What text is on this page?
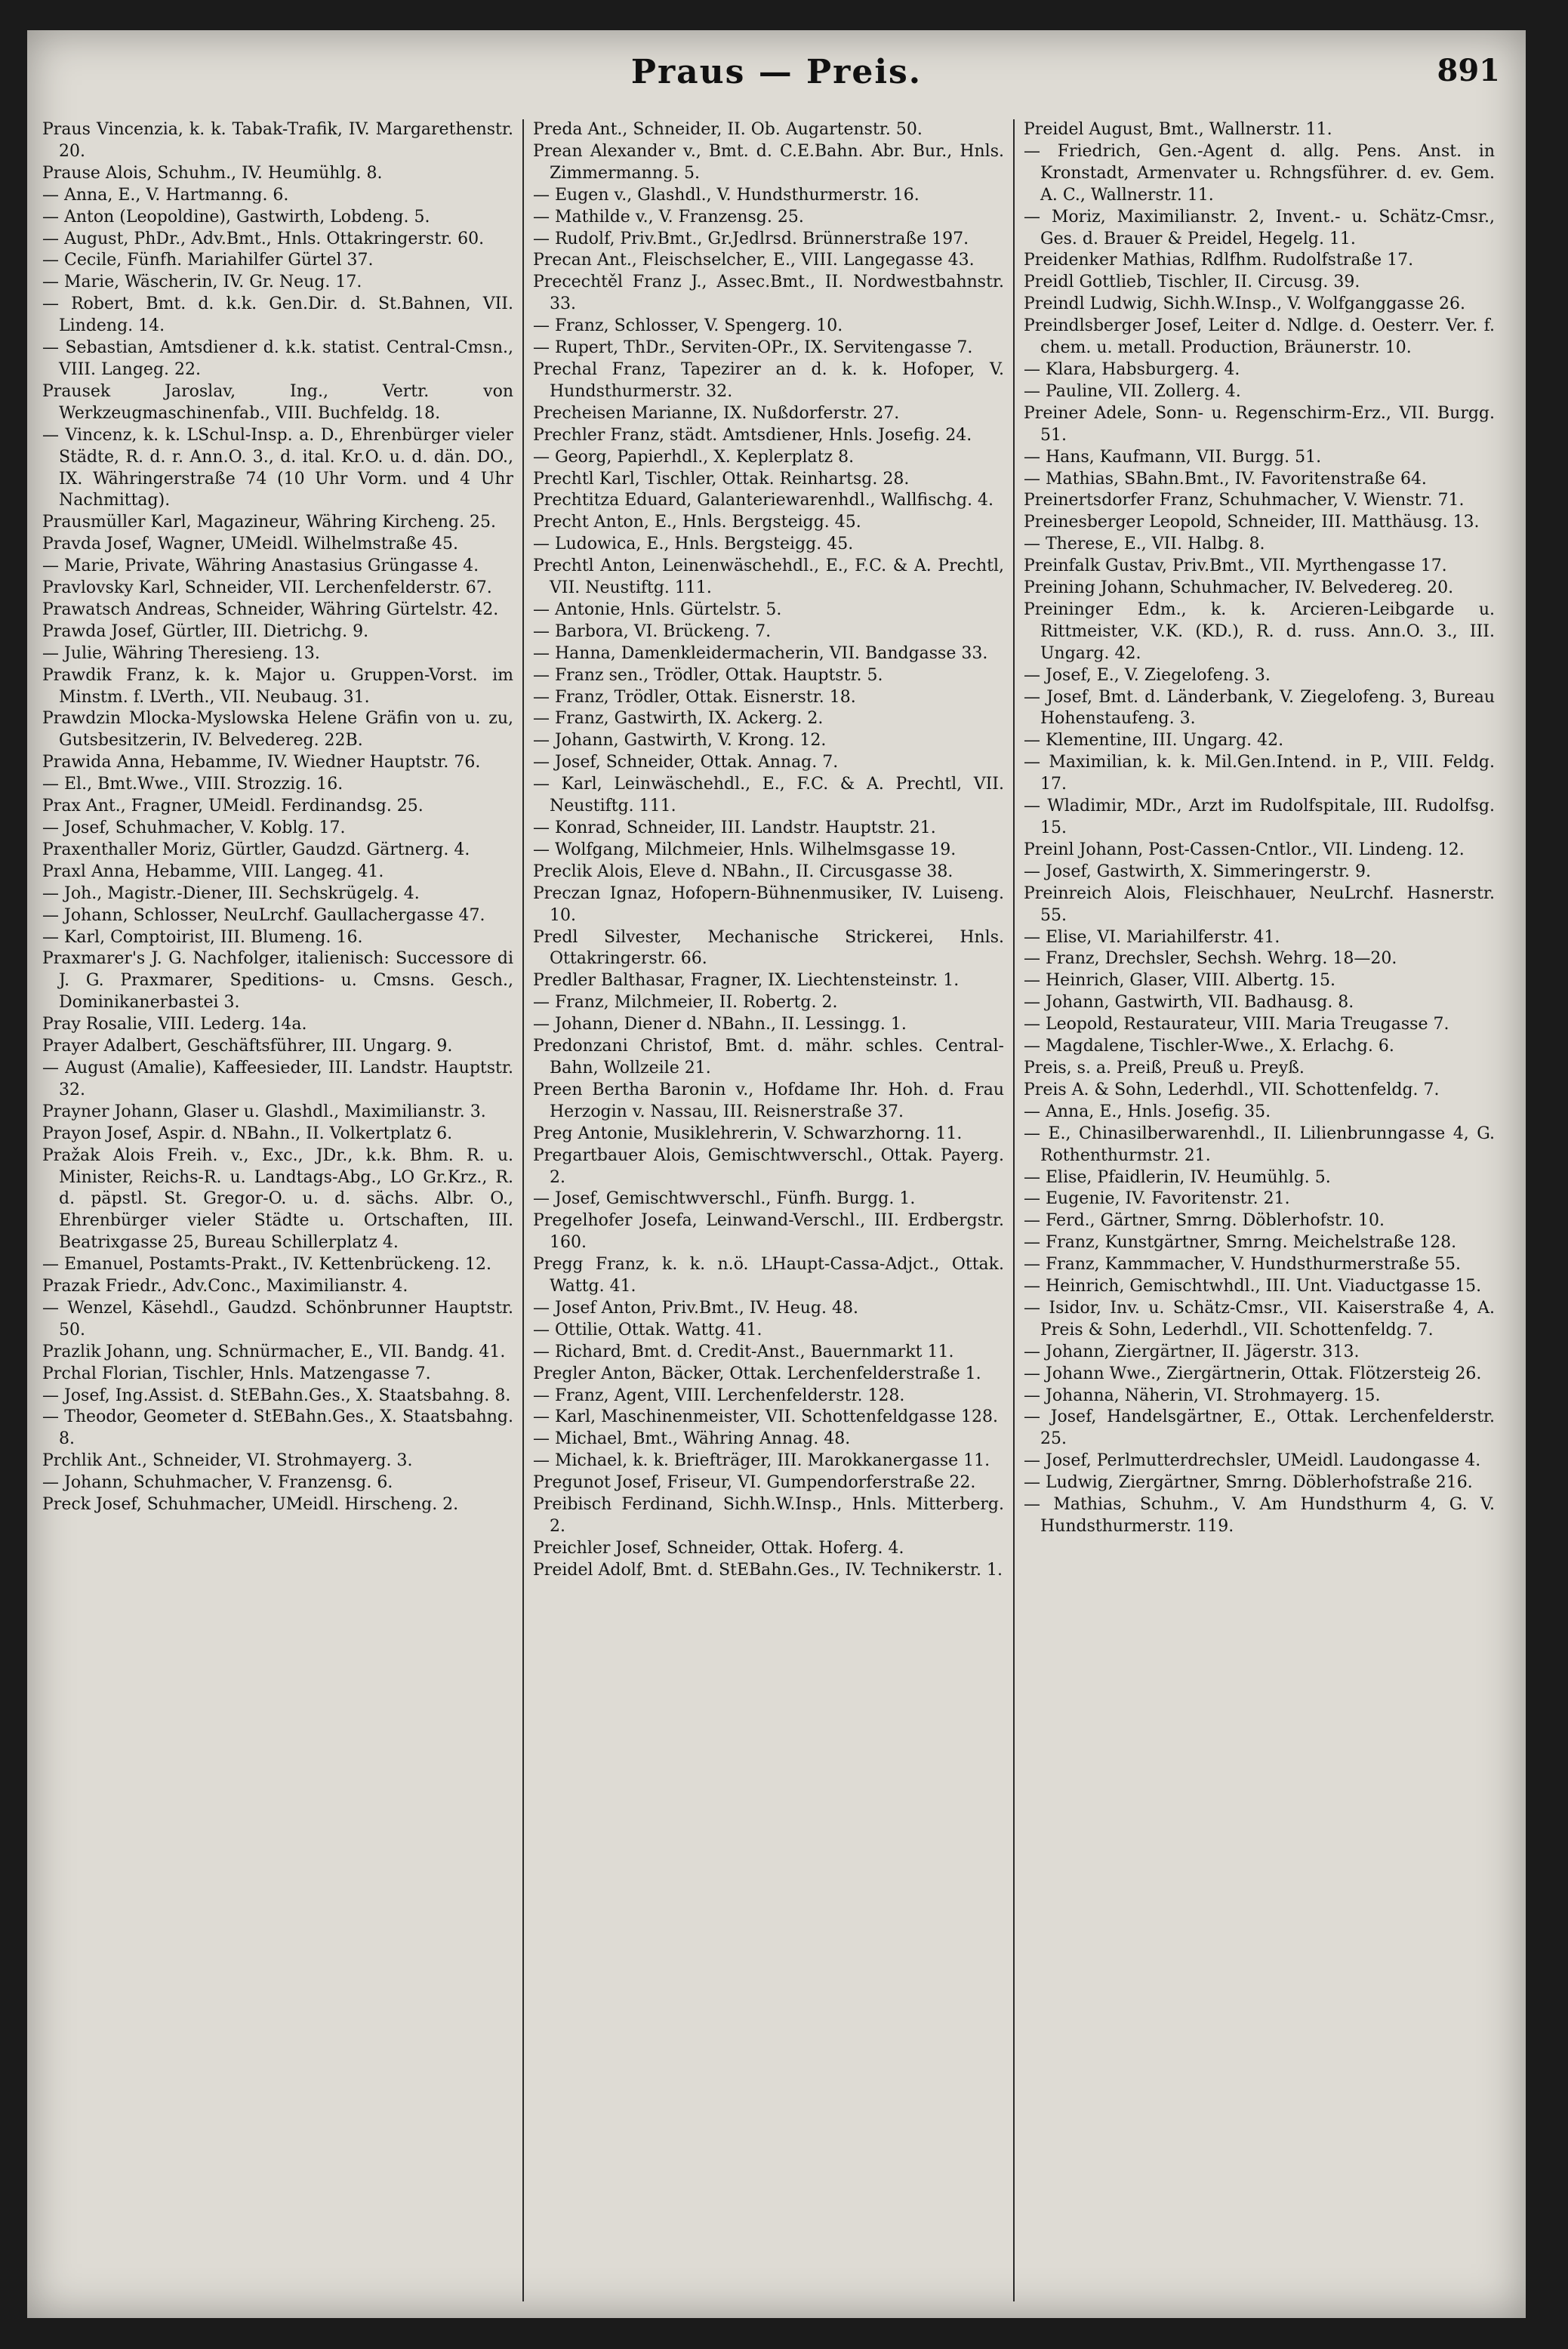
Praus — Preis.	891

Praus Vincenzia, k. k. Tabak-Trafik, IV. Margarethenstr. 20.

Prause Alois, Schuhm., IV. Heumühlg. 8.

— Anna, E., V. Hartmanng. 6.

— Anton (Leopoldine), Gastwirth, Lobdeng. 5.

— August, PhDr., Adv.Bmt., Hnls. Ottakringerstr. 60.

— Cecile, Fünfh. Mariahilfer Gürtel 37.

— Marie, Wäscherin, IV. Gr. Neug. 17.

— Robert, Bmt. d. k.k. Gen.Dir. d. St.Bahnen, VII. Lindeng. 14.

— Sebastian, Amtsdiener d. k.k. statist. Central-Cmsn., VIII. Langeg. 22.

Prausek Jaroslav, Ing., Vertr. von Werkzeugmaschinenfab., VIII. Buchfeldg. 18.

— Vincenz, k. k. LSchul-Insp. a. D., Ehrenbürger vieler Städte, R. d. r. Ann.O. 3., d. ital. Kr.O. u. d. dän. DO., IX. Währingerstraße 74 (10 Uhr Vorm. und 4 Uhr Nachmittag).

Prausmüller Karl, Magazineur, Währing Kircheng. 25.

Pravda Josef, Wagner, UMeidl. Wilhelmstraße 45.

— Marie, Private, Währing Anastasius Grüngasse 4.

Pravlovsky Karl, Schneider, VII. Lerchenfelderstr. 67.

Prawatsch Andreas, Schneider, Währing Gürtelstr. 42.

Prawda Josef, Gürtler, III. Dietrichg. 9.

— Julie, Währing Theresieng. 13.

Prawdik Franz, k. k. Major u. Gruppen-Vorst. im Minstm. f. LVerth., VII. Neubaug. 31.

Prawdzin Mlocka-Myslowska Helene Gräfin von u. zu, Gutsbesitzerin, IV. Belvedereg. 22B.

Prawida Anna, Hebamme, IV. Wiedner Hauptstr. 76.

— El., Bmt.Wwe., VIII. Strozzig. 16.

Prax Ant., Fragner, UMeidl. Ferdinandsg. 25.

— Josef, Schuhmacher, V. Koblg. 17.

Praxenthaller Moriz, Gürtler, Gaudzd. Gärtnerg. 4.

Praxl Anna, Hebamme, VIII. Langeg. 41.

— Joh., Magistr.-Diener, III. Sechskrügelg. 4.

— Johann, Schlosser, NeuLrchf. Gaullachergasse 47.

— Karl, Comptoirist, III. Blumeng. 16.

Praxmarer's J. G. Nachfolger, italienisch: Successore di J. G. Praxmarer, Speditions- u. Cmsns. Gesch., Dominikanerbastei 3.

Pray Rosalie, VIII. Lederg. 14a.

Prayer Adalbert, Geschäftsführer, III. Ungarg. 9.

— August (Amalie), Kaffeesieder, III. Landstr. Hauptstr. 32.

Prayner Johann, Glaser u. Glashdl., Maximilianstr. 3.

Prayon Josef, Aspir. d. NBahn., II. Volkertplatz 6.

Pražak Alois Freih. v., Exc., JDr., k.k. Bhm. R. u. Minister, Reichs-R. u. Landtags-Abg., LO Gr.Krz., R. d. päpstl. St. Gregor-O. u. d. sächs. Albr. O., Ehrenbürger vieler Städte u. Ortschaften, III. Beatrixgasse 25, Bureau Schillerplatz 4.

— Emanuel, Postamts-Prakt., IV. Kettenbrückeng. 12.

Prazak Friedr., Adv.Conc., Maximilianstr. 4.

— Wenzel, Käsehdl., Gaudzd. Schönbrunner Hauptstr. 50.

Prazlik Johann, ung. Schnürmacher, E., VII. Bandg. 41.

Prchal Florian, Tischler, Hnls. Matzengasse 7.

— Josef, Ing.Assist. d. StEBahn.Ges., X. Staatsbahng. 8.

— Theodor, Geometer d. StEBahn.Ges., X. Staatsbahng. 8.

Prchlik Ant., Schneider, VI. Strohmayerg. 3.

— Johann, Schuhmacher, V. Franzensg. 6.

Preck Josef, Schuhmacher, UMeidl. Hirscheng. 2.

Preda Ant., Schneider, II. Ob. Augartenstr. 50.

Prean Alexander v., Bmt. d. C.E.Bahn. Abr. Bur., Hnls. Zimmermanng. 5.

— Eugen v., Glashdl., V. Hundsthurmerstr. 16.

— Mathilde v., V. Franzensg. 25.

— Rudolf, Priv.Bmt., Gr.Jedlrsd. Brünnerstraße 197.

Precan Ant., Fleischselcher, E., VIII. Langegasse 43.

Precechtěl Franz J., Assec.Bmt., II. Nordwestbahnstr. 33.

— Franz, Schlosser, V. Spengerg. 10.

— Rupert, ThDr., Serviten-OPr., IX. Servitengasse 7.

Prechal Franz, Tapezirer an d. k. k. Hofoper, V. Hundsthurmerstr. 32.

Precheisen Marianne, IX. Nußdorferstr. 27.

Prechler Franz, städt. Amtsdiener, Hnls. Josefig. 24.

— Georg, Papierhdl., X. Keplerplatz 8.

Prechtl Karl, Tischler, Ottak. Reinhartsg. 28.

Prechtitza Eduard, Galanteriewarenhdl., Wallfischg. 4.

Precht Anton, E., Hnls. Bergsteigg. 45.

— Ludowica, E., Hnls. Bergsteigg. 45.

Prechtl Anton, Leinenwäschehdl., E., F.C. & A. Prechtl, VII. Neustiftg. 111.

— Antonie, Hnls. Gürtelstr. 5.

— Barbora, VI. Brückeng. 7.

— Hanna, Damenkleidermacherin, VII. Bandgasse 33.

— Franz sen., Trödler, Ottak. Hauptstr. 5.

— Franz, Trödler, Ottak. Eisnerstr. 18.

— Franz, Gastwirth, IX. Ackerg. 2.

— Johann, Gastwirth, V. Krong. 12.

— Josef, Schneider, Ottak. Annag. 7.

— Karl, Leinwäschehdl., E., F.C. & A. Prechtl, VII. Neustiftg. 111.

— Konrad, Schneider, III. Landstr. Hauptstr. 21.

— Wolfgang, Milchmeier, Hnls. Wilhelmsgasse 19.

Preclik Alois, Eleve d. NBahn., II. Circusgasse 38.

Preczan Ignaz, Hofopern-Bühnenmusiker, IV. Luiseng. 10.

Predl Silvester, Mechanische Strickerei, Hnls. Ottakringerstr. 66.

Predler Balthasar, Fragner, IX. Liechtensteinstr. 1.

— Franz, Milchmeier, II. Robertg. 2.

— Johann, Diener d. NBahn., II. Lessingg. 1.

Predonzani Christof, Bmt. d. mähr. schles. Central-Bahn, Wollzeile 21.

Preen Bertha Baronin v., Hofdame Ihr. Hoh. d. Frau Herzogin v. Nassau, III. Reisnerstraße 37.

Preg Antonie, Musiklehrerin, V. Schwarzhorng. 11.

Pregartbauer Alois, Gemischtwverschl., Ottak. Payerg. 2.

— Josef, Gemischtwverschl., Fünfh. Burgg. 1.

Pregelhofer Josefa, Leinwand-Verschl., III. Erdbergstr. 160.

Pregg Franz, k. k. n.ö. LHaupt-Cassa-Adjct., Ottak. Wattg. 41.

— Josef Anton, Priv.Bmt., IV. Heug. 48.

— Ottilie, Ottak. Wattg. 41.

— Richard, Bmt. d. Credit-Anst., Bauernmarkt 11.

Pregler Anton, Bäcker, Ottak. Lerchenfelderstraße 1.

— Franz, Agent, VIII. Lerchenfelderstr. 128.

— Karl, Maschinenmeister, VII. Schottenfeldgasse 128.

— Michael, Bmt., Währing Annag. 48.

— Michael, k. k. Briefträger, III. Marokkanergasse 11.

Pregunot Josef, Friseur, VI. Gumpendorferstraße 22.

Preibisch Ferdinand, Sichh.W.Insp., Hnls. Mitterberg. 2.

Preichler Josef, Schneider, Ottak. Hoferg. 4.

Preidel Adolf, Bmt. d. StEBahn.Ges., IV. Technikerstr. 1.

Preidel August, Bmt., Wallnerstr. 11.

— Friedrich, Gen.-Agent d. allg. Pens. Anst. in Kronstadt, Armenvater u. Rchngsführer. d. ev. Gem. A. C., Wallnerstr. 11.

— Moriz, Maximilianstr. 2, Invent.- u. Schätz-Cmsr., Ges. d. Brauer & Preidel, Hegelg. 11.

Preidenker Mathias, Rdlfhm. Rudolfstraße 17.

Preidl Gottlieb, Tischler, II. Circusg. 39.

Preindl Ludwig, Sichh.W.Insp., V. Wolfganggasse 26.

Preindlsberger Josef, Leiter d. Ndlge. d. Oesterr. Ver. f. chem. u. metall. Production, Bräunerstr. 10.

— Klara, Habsburgerg. 4.

— Pauline, VII. Zollerg. 4.

Preiner Adele, Sonn- u. Regenschirm-Erz., VII. Burgg. 51.

— Hans, Kaufmann, VII. Burgg. 51.

— Mathias, SBahn.Bmt., IV. Favoritenstraße 64.

Preinertsdorfer Franz, Schuhmacher, V. Wienstr. 71.

Preinesberger Leopold, Schneider, III. Matthäusg. 13.

— Therese, E., VII. Halbg. 8.

Preinfalk Gustav, Priv.Bmt., VII. Myrthengasse 17.

Preining Johann, Schuhmacher, IV. Belvedereg. 20.

Preininger Edm., k. k. Arcieren-Leibgarde u. Rittmeister, V.K. (KD.), R. d. russ. Ann.O. 3., III. Ungarg. 42.

— Josef, E., V. Ziegelofeng. 3.

— Josef, Bmt. d. Länderbank, V. Ziegelofeng. 3, Bureau Hohenstaufeng. 3.

— Klementine, III. Ungarg. 42.

— Maximilian, k. k. Mil.Gen.Intend. in P., VIII. Feldg. 17.

— Wladimir, MDr., Arzt im Rudolfspitale, III. Rudolfsg. 15.

Preinl Johann, Post-Cassen-Cntlor., VII. Lindeng. 12.

— Josef, Gastwirth, X. Simmeringerstr. 9.

Preinreich Alois, Fleischhauer, NeuLrchf. Hasnerstr. 55.

— Elise, VI. Mariahilferstr. 41.

— Franz, Drechsler, Sechsh. Wehrg. 18—20.

— Heinrich, Glaser, VIII. Albertg. 15.

— Johann, Gastwirth, VII. Badhausg. 8.

— Leopold, Restaurateur, VIII. Maria Treugasse 7.

— Magdalene, Tischler-Wwe., X. Erlachg. 6.

Preis, s. a. Preiß, Preuß u. Preyß.

Preis A. & Sohn, Lederhdl., VII. Schottenfeldg. 7.

— Anna, E., Hnls. Josefig. 35.

— E., Chinasilberwarenhdl., II. Lilienbrunngasse 4, G. Rothenthurmstr. 21.

— Elise, Pfaidlerin, IV. Heumühlg. 5.

— Eugenie, IV. Favoritenstr. 21.

— Ferd., Gärtner, Smrng. Döblerhofstr. 10.

— Franz, Kunstgärtner, Smrng. Meichelstraße 128.

— Franz, Kammmacher, V. Hundsthurmerstraße 55.

— Heinrich, Gemischtwhdl., III. Unt. Viaductgasse 15.

— Isidor, Inv. u. Schätz-Cmsr., VII. Kaiserstraße 4, A. Preis & Sohn, Lederhdl., VII. Schottenfeldg. 7.

— Johann, Ziergärtner, II. Jägerstr. 313.

— Johann Wwe., Ziergärtnerin, Ottak. Flötzersteig 26.

— Johanna, Näherin, VI. Strohmayerg. 15.

— Josef, Handelsgärtner, E., Ottak. Lerchenfelderstr. 25.

— Josef, Perlmutterdrechsler, UMeidl. Laudongasse 4.

— Ludwig, Ziergärtner, Smrng. Döblerhofstraße 216.

— Mathias, Schuhm., V. Am Hundsthurm 4, G. V. Hundsthurmerstr. 119.
